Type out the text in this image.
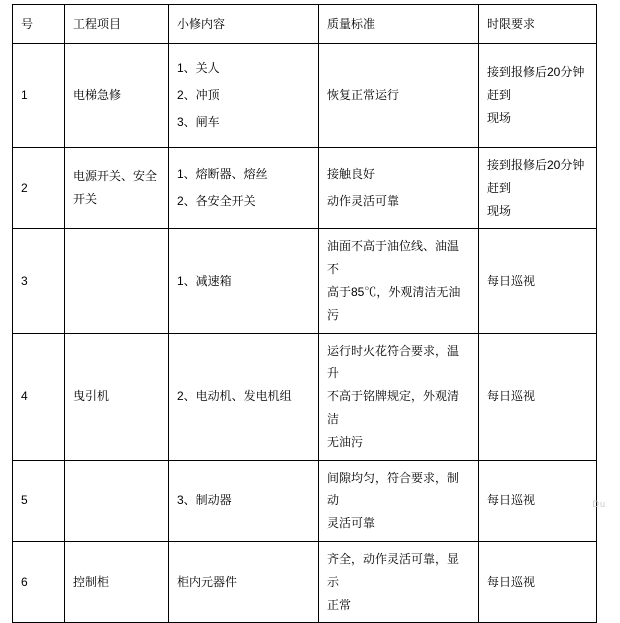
号	工程项目	小修内容	质量标准	时限要求
1	电梯急修	1、关人
2、冲顶
3、闸车	恢复正常运行	接到报修后20分钟赶到
现场

2	电源开关、安全
开关	1、熔断器、熔丝
2、各安全开关	接触良好
动作灵活可靠	接到报修后20分钟赶到
现场

3		1、减速箱	油面不高于油位线、油温不
高于85℃，外观清洁无油污	每日巡视
4	曳引机	2、电动机、发电机组	运行时火花符合要求，温升
不高于铭牌规定，外观清洁
无油污	每日巡视
5		3、制动器	间隙均匀，符合要求，制动
灵活可靠	每日巡视
6	控制柜	柜内元器件	齐全，动作灵活可靠，显示
正常	每日巡视
Du
